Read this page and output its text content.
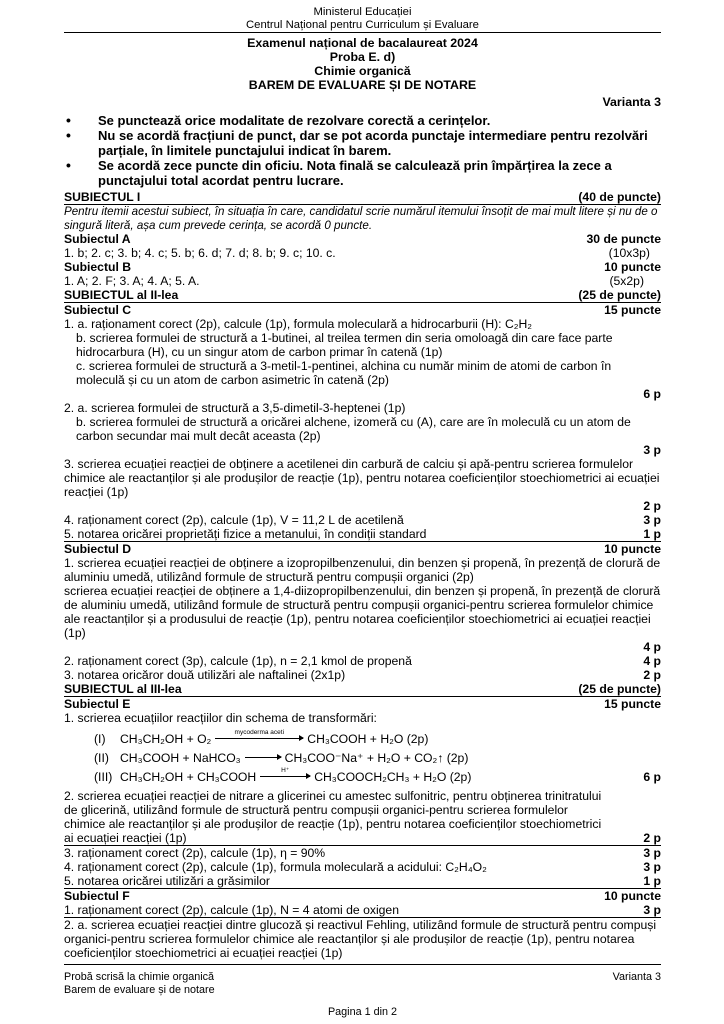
Ministerul Educației
Centrul Național pentru Curriculum și Evaluare
Examenul național de bacalaureat 2024
Proba E. d)
Chimie organică
BAREM DE EVALUARE ȘI DE NOTARE
Varianta 3
• Se punctează orice modalitate de rezolvare corectă a cerințelor.
• Nu se acordă fracțiuni de punct, dar se pot acorda punctaje intermediare pentru rezolvări parțiale, în limitele punctajului indicat în barem.
• Se acordă zece puncte din oficiu. Nota finală se calculează prin împărțirea la zece a punctajului total acordat pentru lucrare.
SUBIECTUL I	(40 de puncte)
Pentru itemii acestui subiect, în situația în care, candidatul scrie numărul itemului însoțit de mai mult litere și nu de o singură literă, așa cum prevede cerința, se acordă 0 puncte.
Subiectul A	30 de puncte
1. b; 2. c; 3. b; 4. c; 5. b; 6. d; 7. d; 8. b; 9. c; 10. c.	(10x3p)
Subiectul B	10 puncte
1. A; 2. F; 3. A; 4. A; 5. A.	(5x2p)
SUBIECTUL al II-lea	(25 de puncte)
Subiectul C	15 puncte
1. a. raționament corect (2p), calcule (1p), formula moleculară a hidrocarburii (H): C₂H₂
b. scrierea formulei de structură a 1-butinei, al treilea termen din seria omoloagă din care face parte hidrocarbura (H), cu un singur atom de carbon primar în catenă (1p)
c. scrierea formulei de structură a 3-metil-1-pentinei, alchina cu număr minim de atomi de carbon în moleculă și cu un atom de carbon asimetric în catenă (2p)
6 p
2. a. scrierea formulei de structură a 3,5-dimetil-3-heptenei (1p)
b. scrierea formulei de structură a oricărei alchene, izomeră cu (A), care are în moleculă cu un atom de carbon secundar mai mult decât aceasta (2p)
3 p
3. scrierea ecuației reacției de obținere a acetilenei din carbură de calciu și apă-pentru scrierea formulelor chimice ale reactanților și ale produșilor de reacție (1p), pentru notarea coeficienților stoechiometrici ai ecuației reacției (1p)
2 p
4. raționament corect (2p), calcule (1p), V = 11,2 L de acetilenă	3 p
5. notarea oricărei proprietăți fizice a metanului, în condiții standard	1 p
Subiectul D	10 puncte
1. scrierea ecuației reacției de obținere a izopropilbenzenului, din benzen și propenă, în prezență de clorură de aluminiu umedă, utilizând formule de structură pentru compușii organici (2p)
scrierea ecuației reacției de obținere a 1,4-diizopropilbenzenului, din benzen și propenă, în prezență de clorură de aluminiu umedă, utilizând formule de structură pentru compușii organici-pentru scrierea formulelor chimice ale reactanților și a produsului de reacție (1p), pentru notarea coeficienților stoechiometrici ai ecuației reacției (1p)
4 p
2. raționament corect (3p), calcule (1p), n = 2,1 kmol de propenă	4 p
3. notarea oricăror două utilizări ale naftalinei (2x1p)	2 p
SUBIECTUL al III-lea	(25 de puncte)
Subiectul E	15 puncte
1. scrierea ecuațiilor reacțiilor din schema de transformări:
(I)	CH₃CH₂OH + O₂	mycoderma aceti	CH₃COOH + H₂O (2p)
(II) CH₃COOH + NaHCO₃	CH₃COO⁻Na⁺ + H₂O + CO₂↑ (2p)
(III) CH₃CH₂OH + CH₃COOH	H⁺	CH₃COOCH₂CH₃ + H₂O (2p)	6 p
2. scrierea ecuației reacției de nitrare a glicerinei cu amestec sulfonitric, pentru obținerea trinitratului de glicerină, utilizând formule de structură pentru compușii organici-pentru scrierea formulelor chimice ale reactanților și ale produșilor de reacție (1p), pentru notarea coeficienților stoechiometrici ai ecuației reacției (1p)	2 p
3. raționament corect (2p), calcule (1p), η = 90%	3 p
4. raționament corect (2p), calcule (1p), formula moleculară a acidului: C₂H₄O₂	3 p
5. notarea oricărei utilizări a grăsimilor	1 p
Subiectul F	10 puncte
1. raționament corect (2p), calcule (1p), N = 4 atomi de oxigen	3 p
2. a. scrierea ecuației reacției dintre glucoză și reactivul Fehling, utilizând formule de structură pentru compuși organici-pentru scrierea formulelor chimice ale reactanților și ale produșilor de reacție (1p), pentru notarea coeficienților stoechiometrici ai ecuației reacției (1p)
Probă scrisă la chimie organică	Varianta 3
Barem de evaluare și de notare
Pagina 1 din 2
